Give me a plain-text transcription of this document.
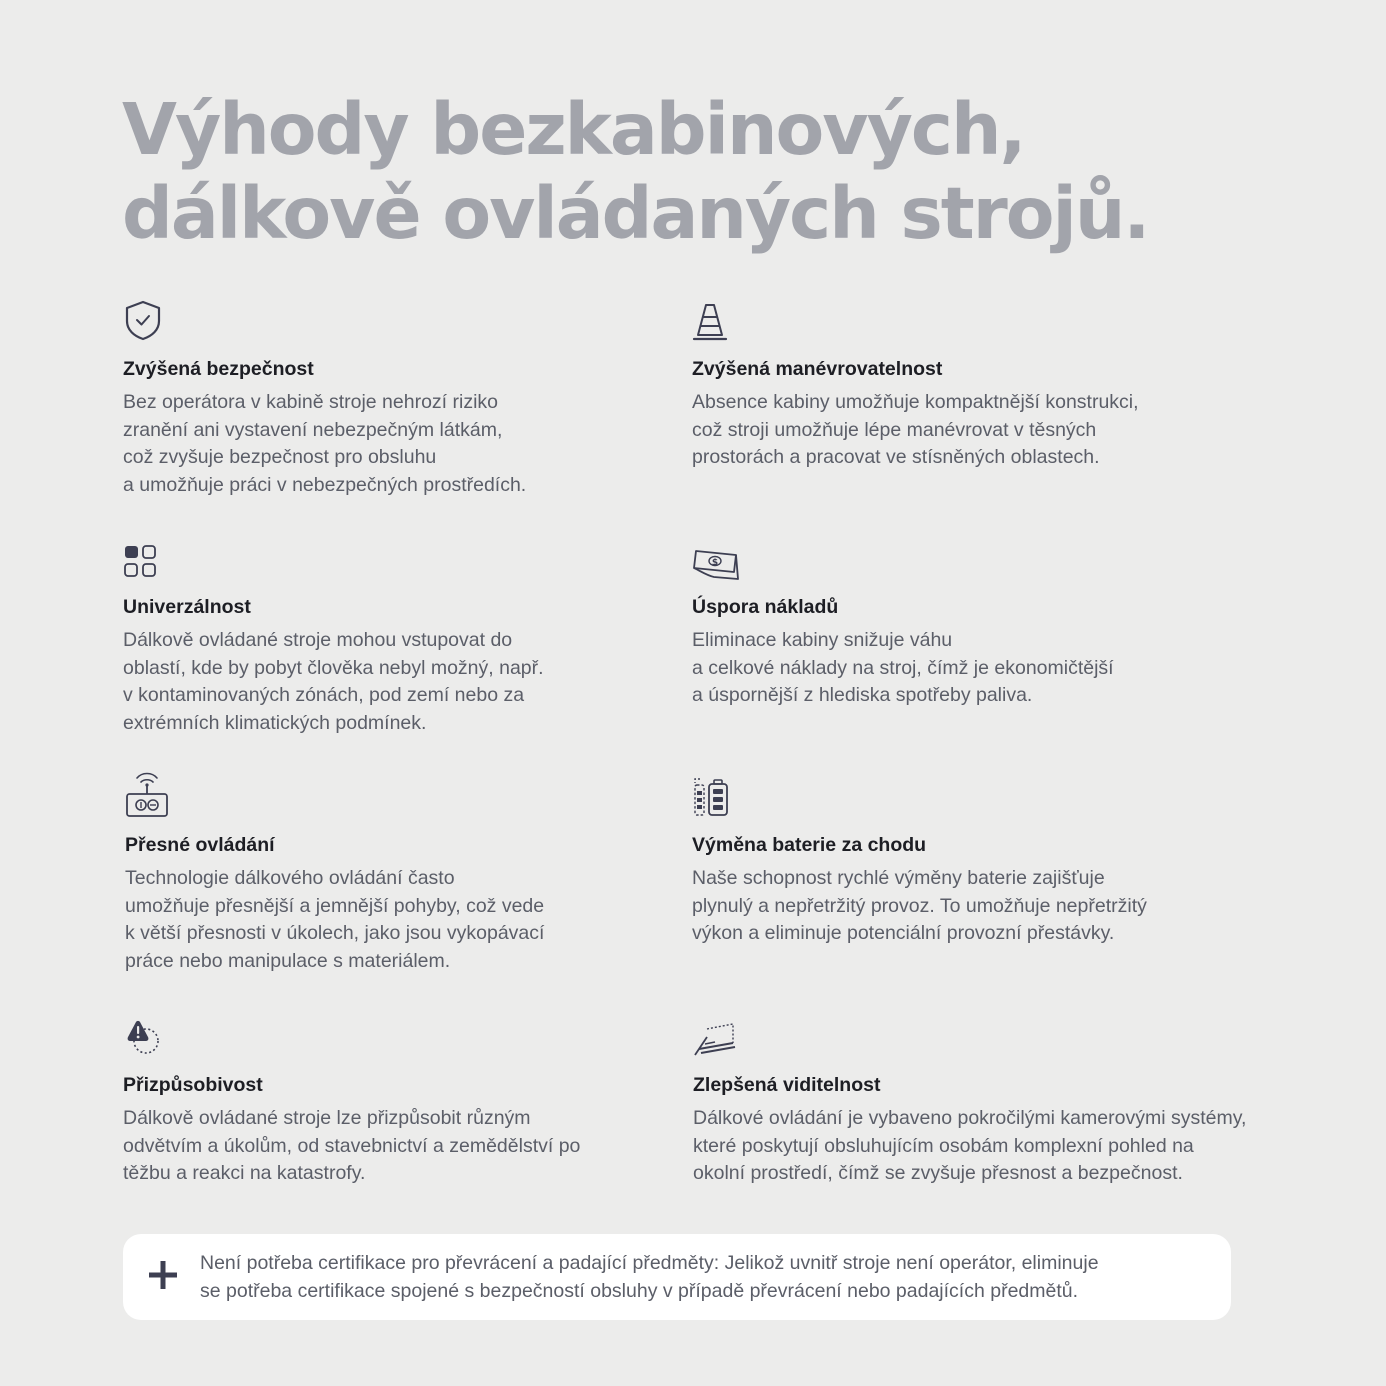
Výhody bezkabinových,
dálkově ovládaných strojů.
Zvýšená bezpečnost

Bez operátora v kabině stroje nehrozí riziko
zranění ani vystavení nebezpečným látkám,
což zvyšuje bezpečnost pro obsluhu
a umožňuje práci v nebezpečných prostředích.

Zvýšená manévrovatelnost

Absence kabiny umožňuje kompaktnější konstrukci,
což stroji umožňuje lépe manévrovat v těsných
prostorách a pracovat ve stísněných oblastech.

Univerzálnost

Dálkově ovládané stroje mohou vstupovat do
oblastí, kde by pobyt člověka nebyl možný, např.
v kontaminovaných zónách, pod zemí nebo za
extrémních klimatických podmínek.

$
Úspora nákladů

Eliminace kabiny snižuje váhu
a celkové náklady na stroj, čímž je ekonomičtější
a úspornější z hlediska spotřeby paliva.

Přesné ovládání

Technologie dálkového ovládání často
umožňuje přesnější a jemnější pohyby, což vede
k větší přesnosti v úkolech, jako jsou vykopávací
práce nebo manipulace s materiálem.

Výměna baterie za chodu

Naše schopnost rychlé výměny baterie zajišťuje
plynulý a nepřetržitý provoz. To umožňuje nepřetržitý
výkon a eliminuje potenciální provozní přestávky.

Přizpůsobivost

Dálkově ovládané stroje lze přizpůsobit různým
odvětvím a úkolům, od stavebnictví a zemědělství po
těžbu a reakci na katastrofy.

Zlepšená viditelnost

Dálkové ovládání je vybaveno pokročilými kamerovými systémy,
které poskytují obsluhujícím osobám komplexní pohled na
okolní prostředí, čímž se zvyšuje přesnost a bezpečnost.

Není potřeba certifikace pro převrácení a padající předměty: Jelikož uvnitř stroje není operátor, eliminuje
se potřeba certifikace spojené s bezpečností obsluhy v případě převrácení nebo padajících předmětů.
